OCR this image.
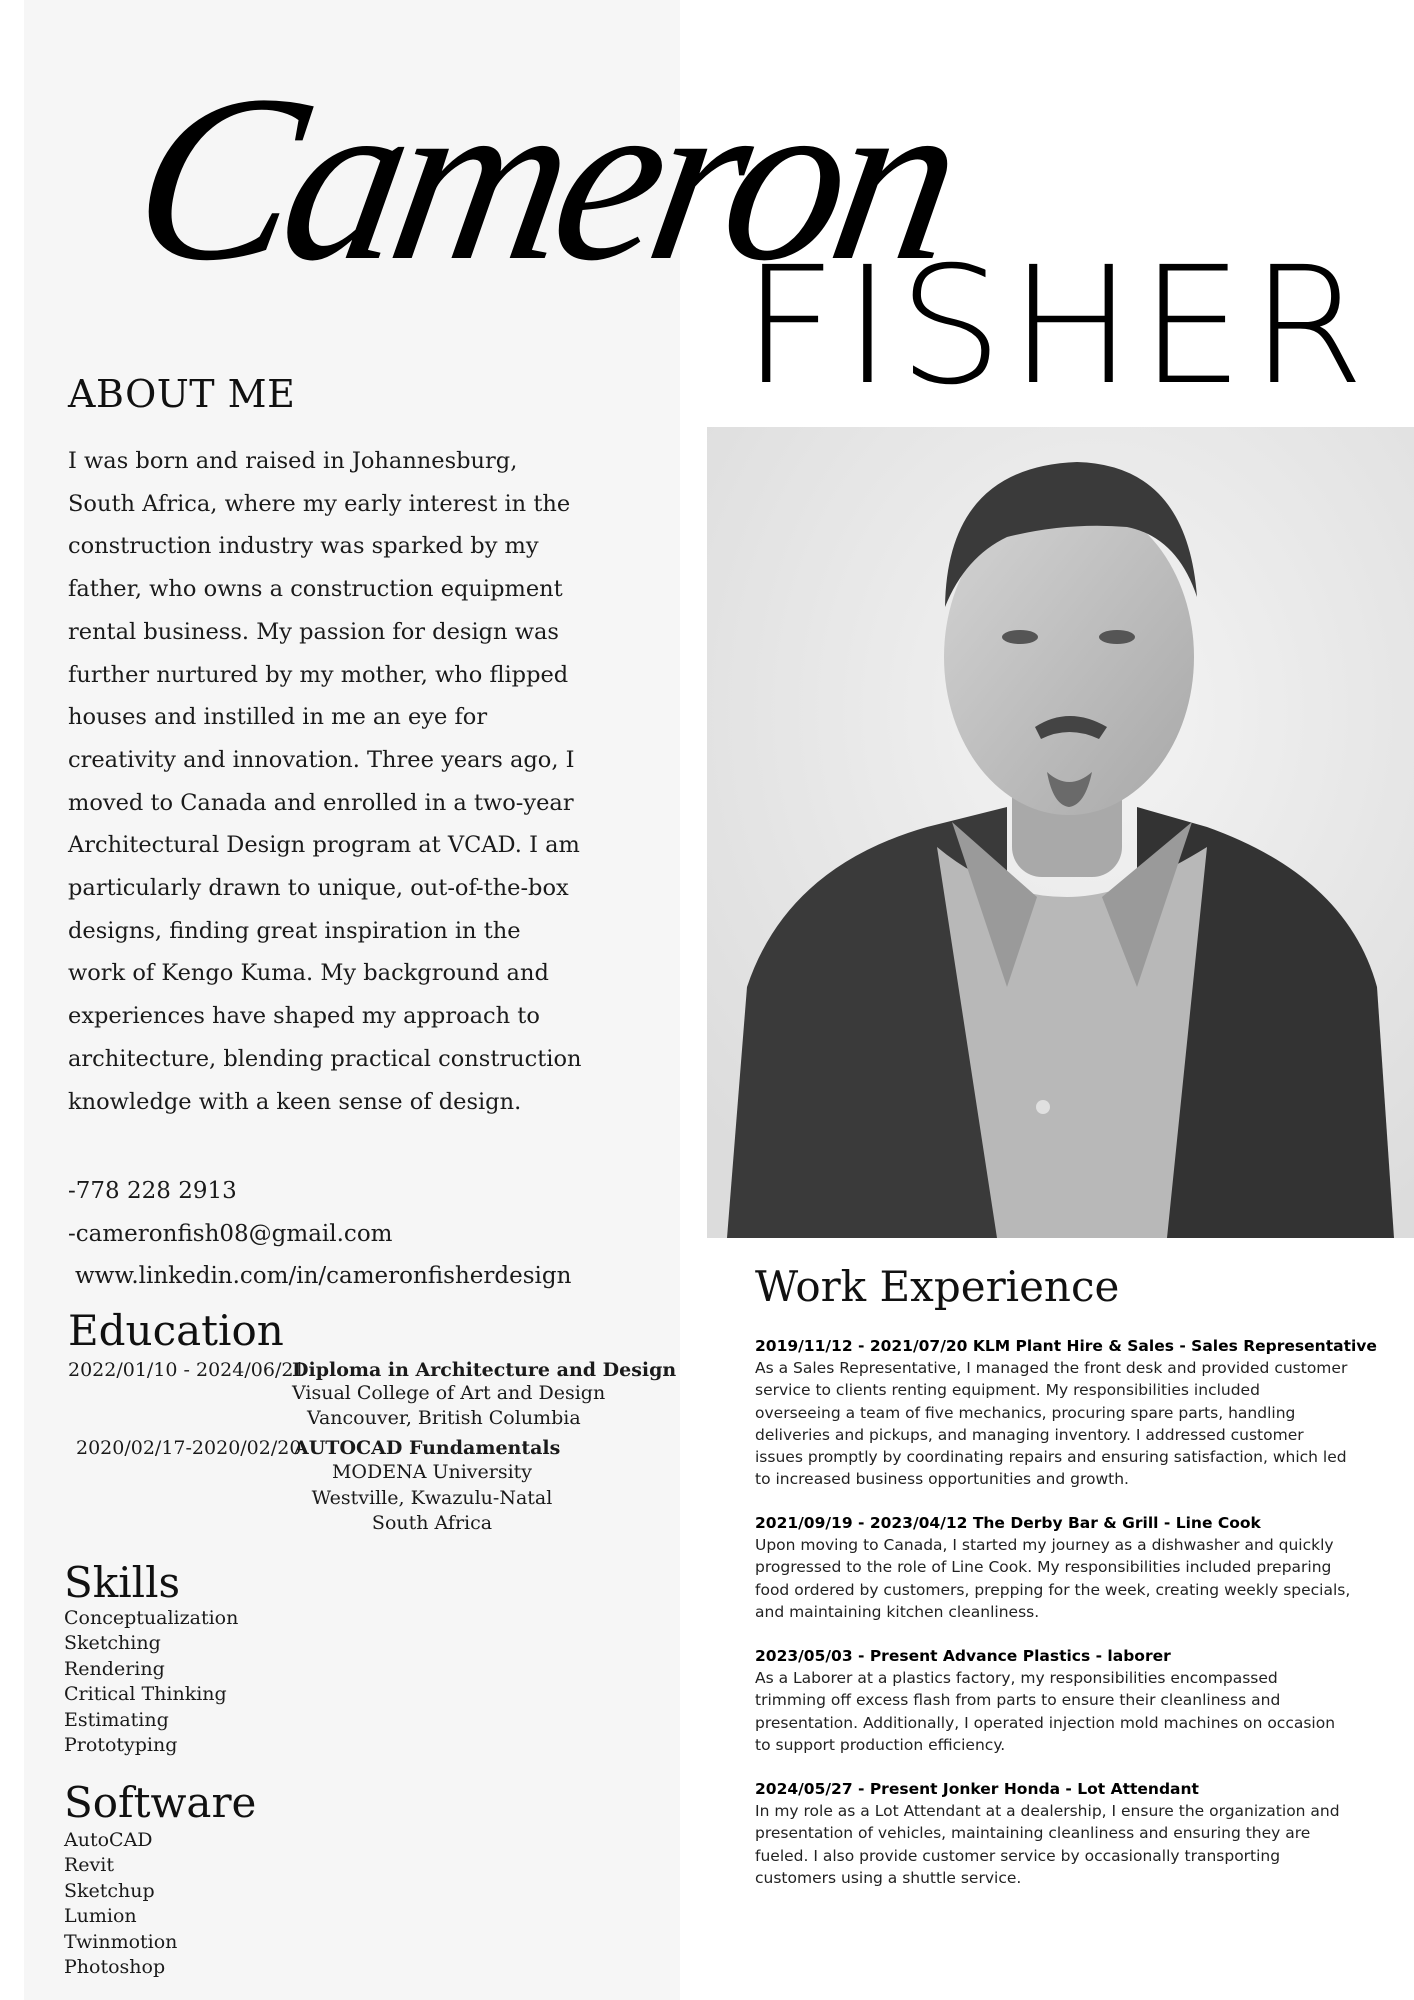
Cameron
FISHER
ABOUT ME
I was born and raised in Johannesburg,
South Africa, where my early interest in the
construction industry was sparked by my
father, who owns a construction equipment
rental business. My passion for design was
further nurtured by my mother, who flipped
houses and instilled in me an eye for
creativity and innovation. Three years ago, I
moved to Canada and enrolled in a two-year
Architectural Design program at VCAD. I am
particularly drawn to unique, out-of-the-box
designs, finding great inspiration in the
work of Kengo Kuma. My background and
experiences have shaped my approach to
architecture, blending practical construction
knowledge with a keen sense of design.
-778 228 2913
-cameronfish08@gmail.com
www.linkedin.com/in/cameronfisherdesign
Education
2022/01/10 - 2024/06/21
Diploma in Architecture and Design
Visual College of Art and Design
Vancouver, British Columbia
2020/02/17-2020/02/20
AUTOCAD Fundamentals
MODENA University
Westville, Kwazulu-Natal
South Africa
Skills
Conceptualization
Sketching
Rendering
Critical Thinking
Estimating
Prototyping
Software
AutoCAD
Revit
Sketchup
Lumion
Twinmotion
Photoshop
Work Experience
2019/11/12 - 2021/07/20 KLM Plant Hire & Sales - Sales Representative

As a Sales Representative, I managed the front desk and provided customer

service to clients renting equipment. My responsibilities included

overseeing a team of five mechanics, procuring spare parts, handling

deliveries and pickups, and managing inventory. I addressed customer

issues promptly by coordinating repairs and ensuring satisfaction, which led

to increased business opportunities and growth.

2021/09/19 - 2023/04/12 The Derby Bar & Grill - Line Cook

Upon moving to Canada, I started my journey as a dishwasher and quickly

progressed to the role of Line Cook. My responsibilities included preparing

food ordered by customers, prepping for the week, creating weekly specials,

and maintaining kitchen cleanliness.

2023/05/03 - Present Advance Plastics - laborer

As a Laborer at a plastics factory, my responsibilities encompassed

trimming off excess flash from parts to ensure their cleanliness and

presentation. Additionally, I operated injection mold machines on occasion

to support production efficiency.

2024/05/27 - Present Jonker Honda - Lot Attendant

In my role as a Lot Attendant at a dealership, I ensure the organization and

presentation of vehicles, maintaining cleanliness and ensuring they are

fueled. I also provide customer service by occasionally transporting

customers using a shuttle service.
